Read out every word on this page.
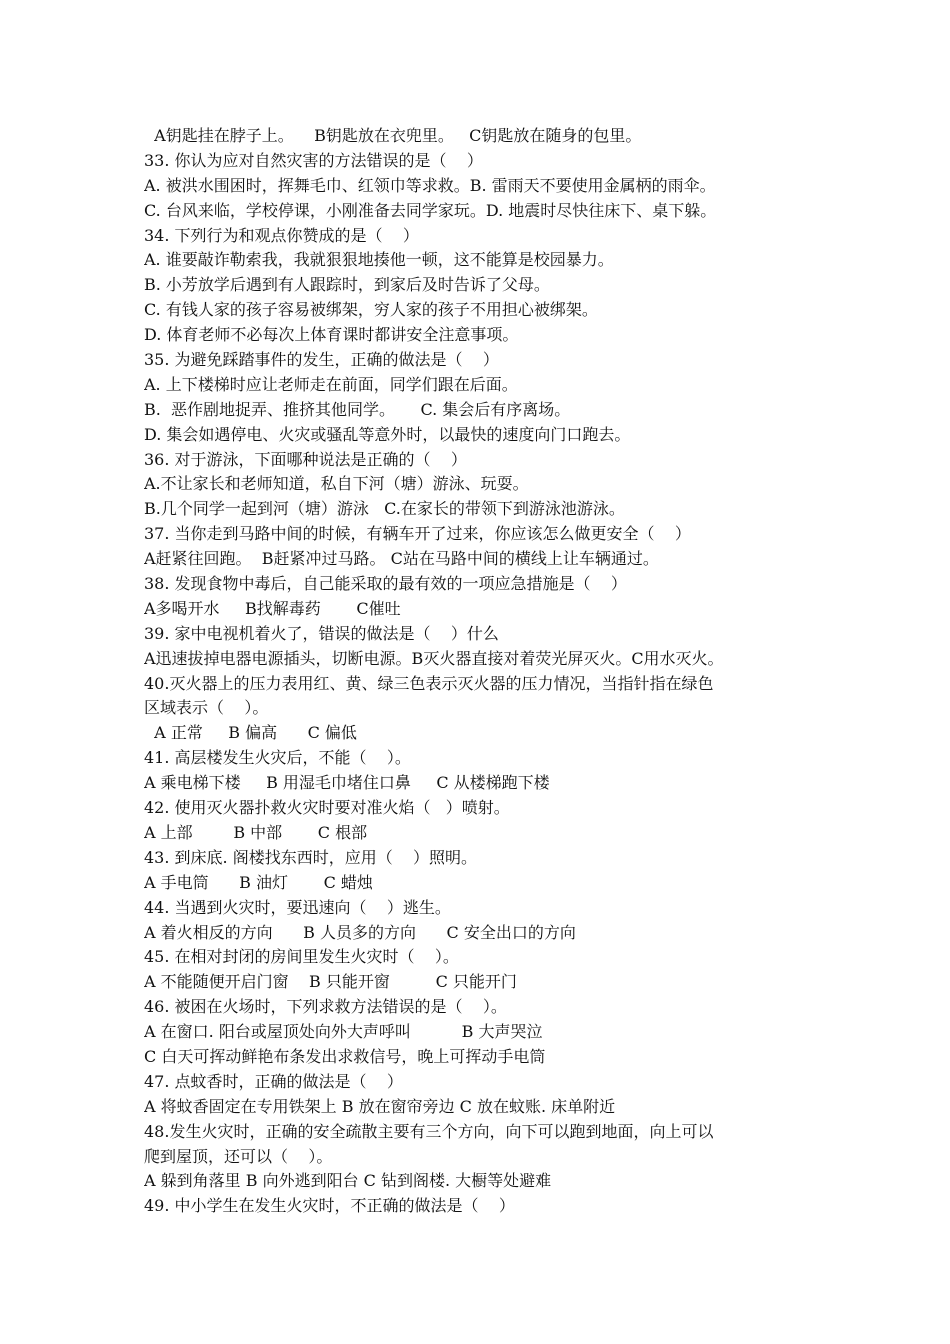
A钥匙挂在脖子上。    B钥匙放在衣兜里。   C钥匙放在随身的包里。
33. 你认为应对自然灾害的方法错误的是（    ）
A. 被洪水围困时，挥舞毛巾、红领巾等求救。B. 雷雨天不要使用金属柄的雨伞。
C. 台风来临，学校停课，小刚准备去同学家玩。D. 地震时尽快往床下、桌下躲。
34. 下列行为和观点你赞成的是（    ）
A. 谁要敲诈勒索我，我就狠狠地揍他一顿，这不能算是校园暴力。
B. 小芳放学后遇到有人跟踪时，到家后及时告诉了父母。
C. 有钱人家的孩子容易被绑架，穷人家的孩子不用担心被绑架。
D. 体育老师不必每次上体育课时都讲安全注意事项。
35. 为避免踩踏事件的发生，正确的做法是（    ）
A. 上下楼梯时应让老师走在前面，同学们跟在后面。
B.  恶作剧地捉弄、推挤其他同学。     C. 集会后有序离场。
D. 集会如遇停电、火灾或骚乱等意外时，以最快的速度向门口跑去。
36. 对于游泳，下面哪种说法是正确的（    ）
A.不让家长和老师知道，私自下河（塘）游泳、玩耍。
B.几个同学一起到河（塘）游泳   C.在家长的带领下到游泳池游泳。
37. 当你走到马路中间的时候，有辆车开了过来，你应该怎么做更安全（    ）
A赶紧往回跑。  B赶紧冲过马路。 C站在马路中间的横线上让车辆通过。
38. 发现食物中毒后，自己能采取的最有效的一项应急措施是（    ）
A多喝开水     B找解毒药       C催吐
39. 家中电视机着火了，错误的做法是（    ）什么
A迅速拔掉电器电源插头，切断电源。B灭火器直接对着荧光屏灭火。C用水灭火。
40.灭火器上的压力表用红、黄、绿三色表示灭火器的压力情况，当指针指在绿色
区域表示（    ）。
A 正常     B 偏高      C 偏低
41. 高层楼发生火灾后，不能（    ）。
A 乘电梯下楼     B 用湿毛巾堵住口鼻     C 从楼梯跑下楼
42. 使用灭火器扑救火灾时要对准火焰（   ）喷射。
A 上部        B 中部       C 根部
43. 到床底. 阁楼找东西时，应用（    ）照明。
A 手电筒      B 油灯       C 蜡烛
44. 当遇到火灾时，要迅速向（    ）逃生。
A 着火相反的方向      B 人员多的方向      C 安全出口的方向
45. 在相对封闭的房间里发生火灾时（    ）。
A 不能随便开启门窗    B 只能开窗         C 只能开门
46. 被困在火场时，下列求救方法错误的是（    ）。
A 在窗口. 阳台或屋顶处向外大声呼叫          B 大声哭泣
C 白天可挥动鲜艳布条发出求救信号，晚上可挥动手电筒
47. 点蚊香时，正确的做法是（    ）
A 将蚊香固定在专用铁架上 B 放在窗帘旁边 C 放在蚊账. 床单附近
48.发生火灾时，正确的安全疏散主要有三个方向，向下可以跑到地面，向上可以
爬到屋顶，还可以（    ）。
A 躲到角落里 B 向外逃到阳台 C 钻到阁楼. 大橱等处避难
49. 中小学生在发生火灾时，不正确的做法是（    ）
